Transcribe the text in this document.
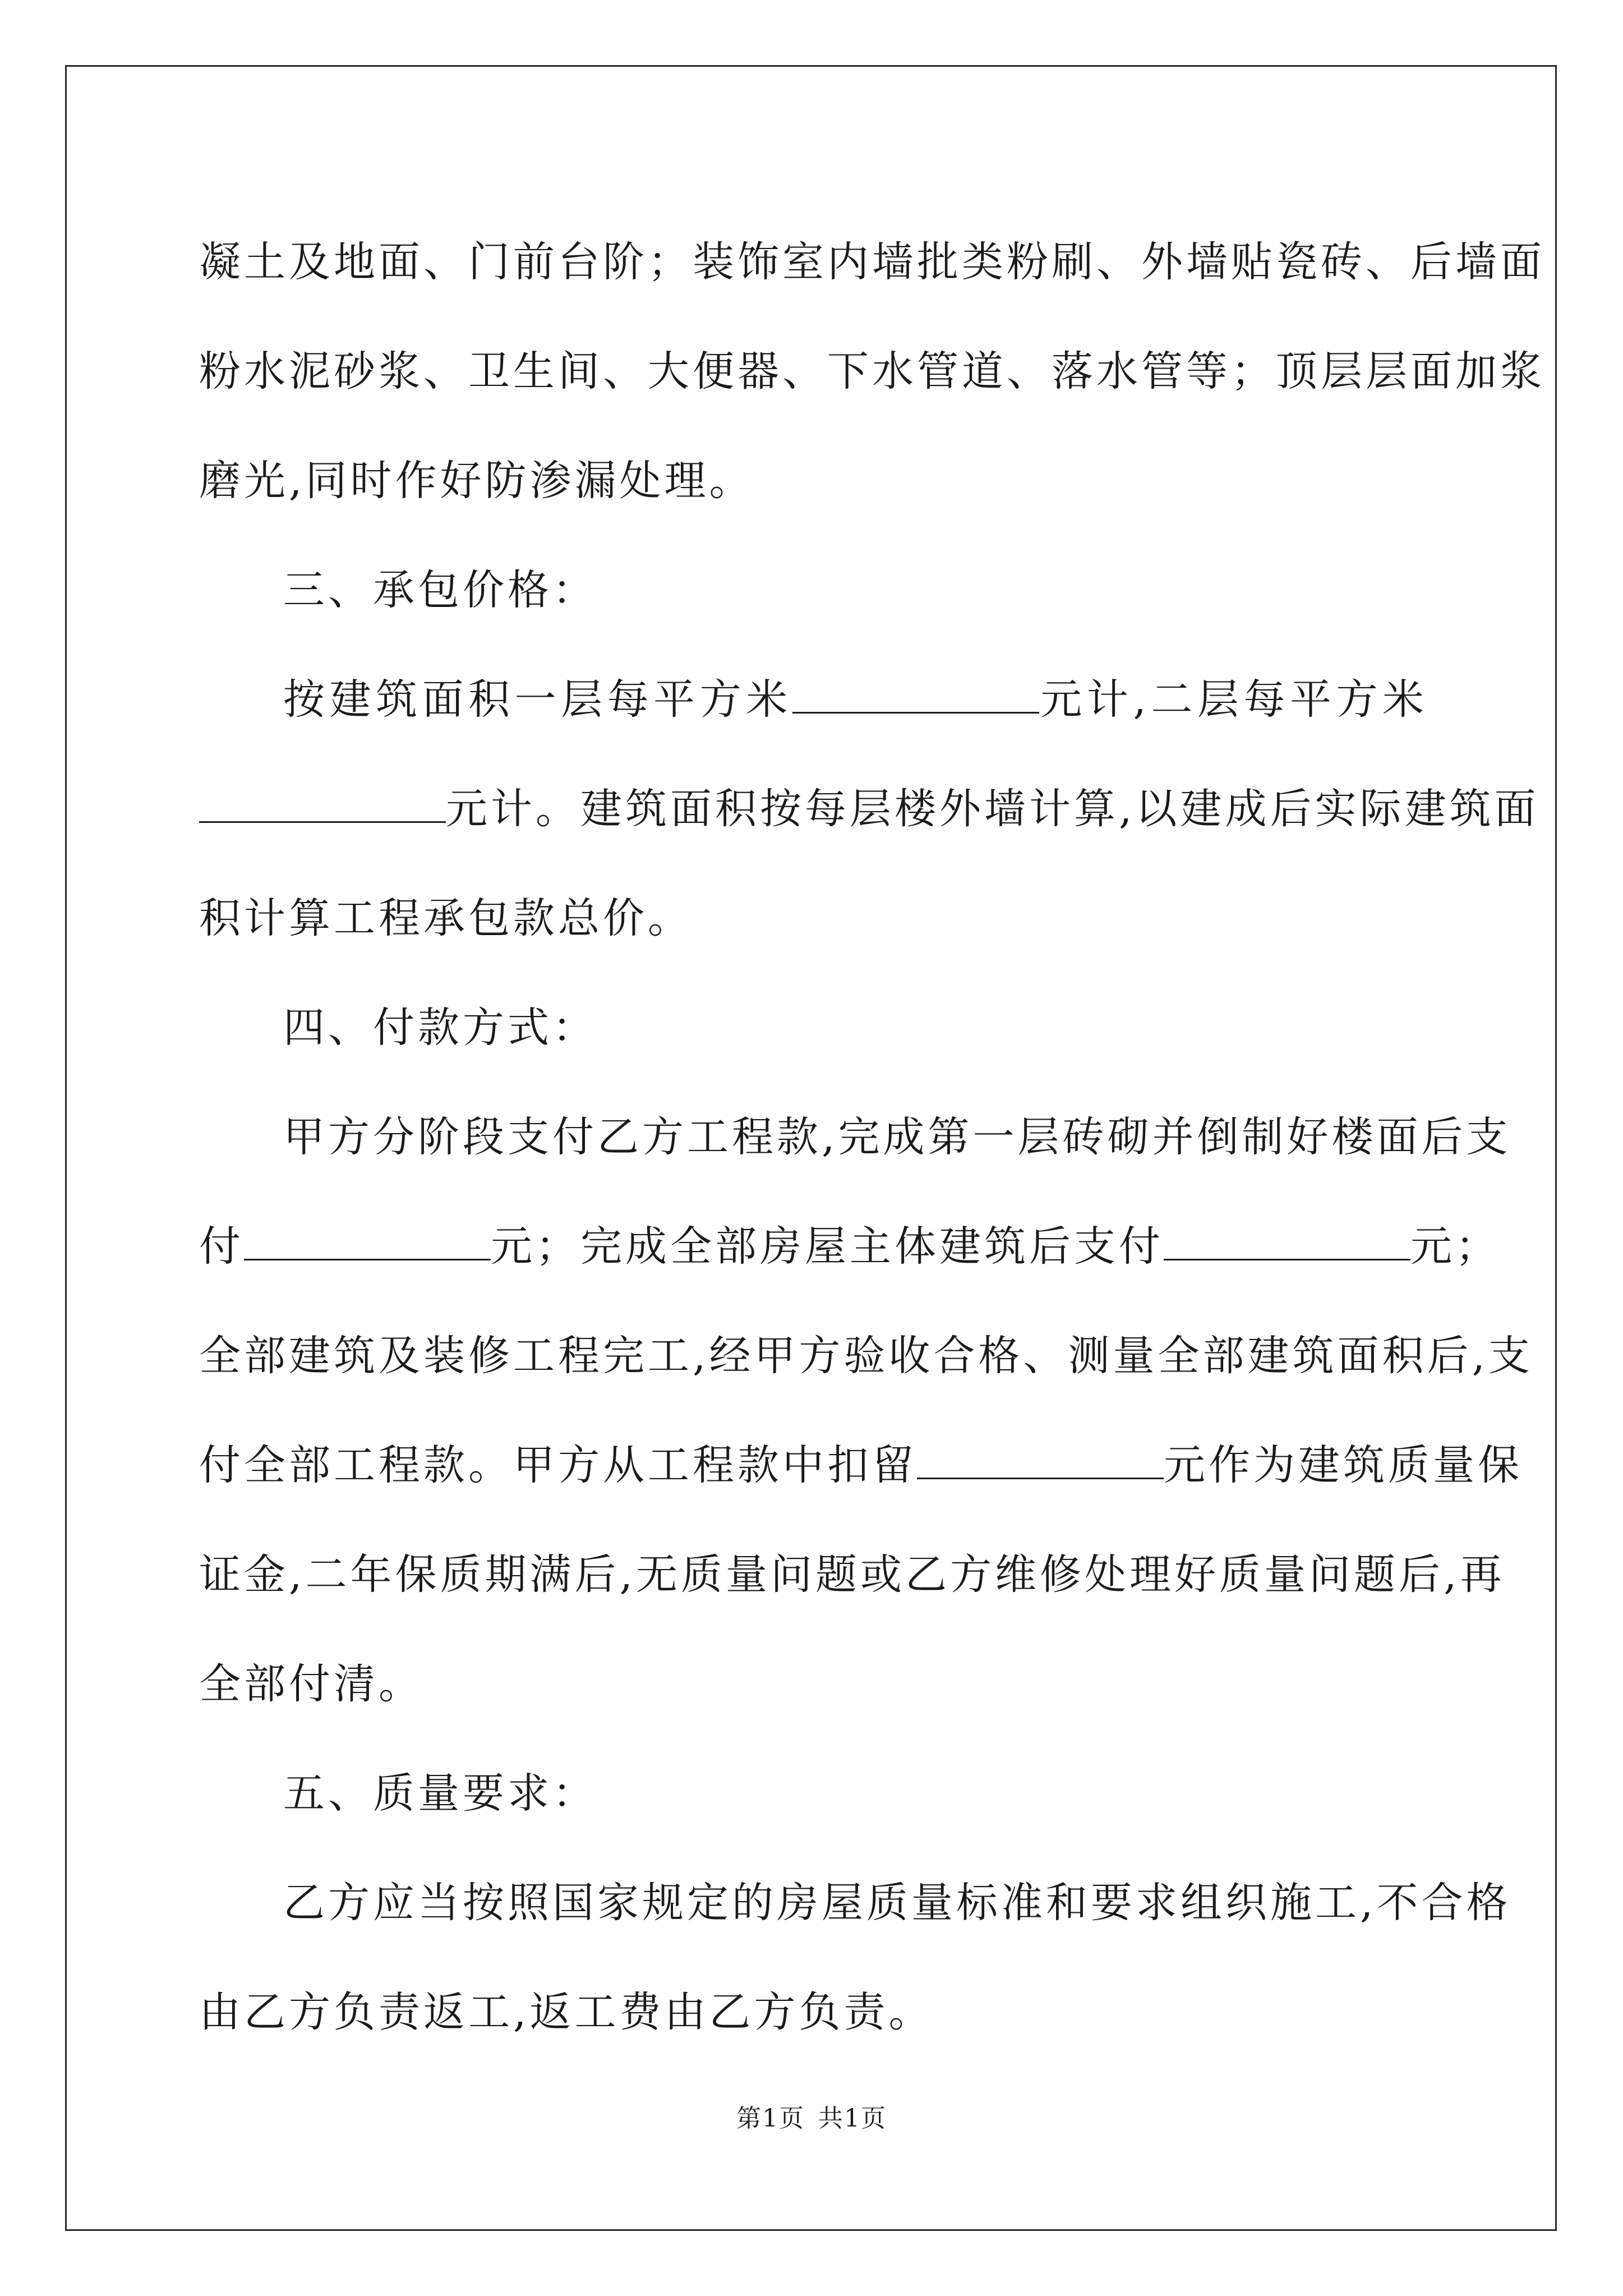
凝土及地面、门前台阶；装饰室内墙批类粉刷、外墙贴瓷砖、后墙面
粉水泥砂浆、卫生间、大便器、下水管道、落水管等；顶层层面加浆
磨光,同时作好防渗漏处理。
三、承包价格：
按建筑面积一层每平方米	元计,二层每平方米
元计。建筑面积按每层楼外墙计算,以建成后实际建筑面
积计算工程承包款总价。
四、付款方式：
甲方分阶段支付乙方工程款,完成第一层砖砌并倒制好楼面后支
付	元；完成全部房屋主体建筑后支付	元；
全部建筑及装修工程完工,经甲方验收合格、测量全部建筑面积后,支
付全部工程款。甲方从工程款中扣留	元作为建筑质量保
证金,二年保质期满后,无质量问题或乙方维修处理好质量问题后,再
全部付清。
五、质量要求：
乙方应当按照国家规定的房屋质量标准和要求组织施工,不合格
由乙方负责返工,返工费由乙方负责。
第1页 共1页
